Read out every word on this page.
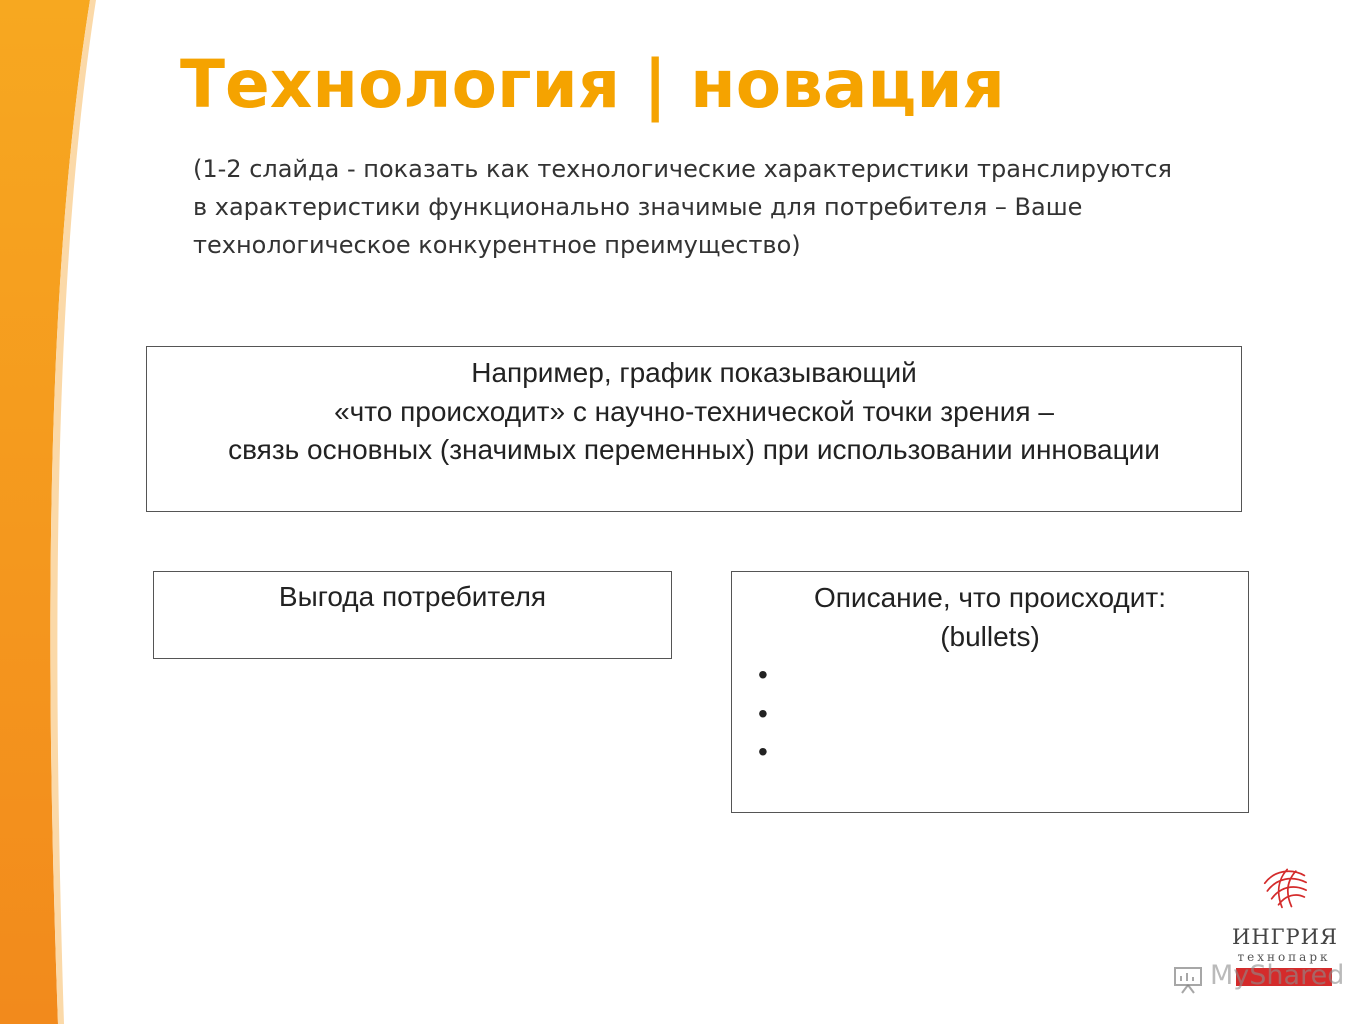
Технология | новация
(1-2 слайда - показать как технологические характеристики транслируются
в характеристики функционально значимые для потребителя – Ваше
технологическое конкурентное преимущество)
Например, график показывающий
«что происходит» с научно-технической точки зрения –
связь основных (значимых переменных) при использовании инновации
Выгода потребителя	Описание, что происходит:
(bullets)
•
•
•
ИНГРИЯ
технопарк
MyShared
